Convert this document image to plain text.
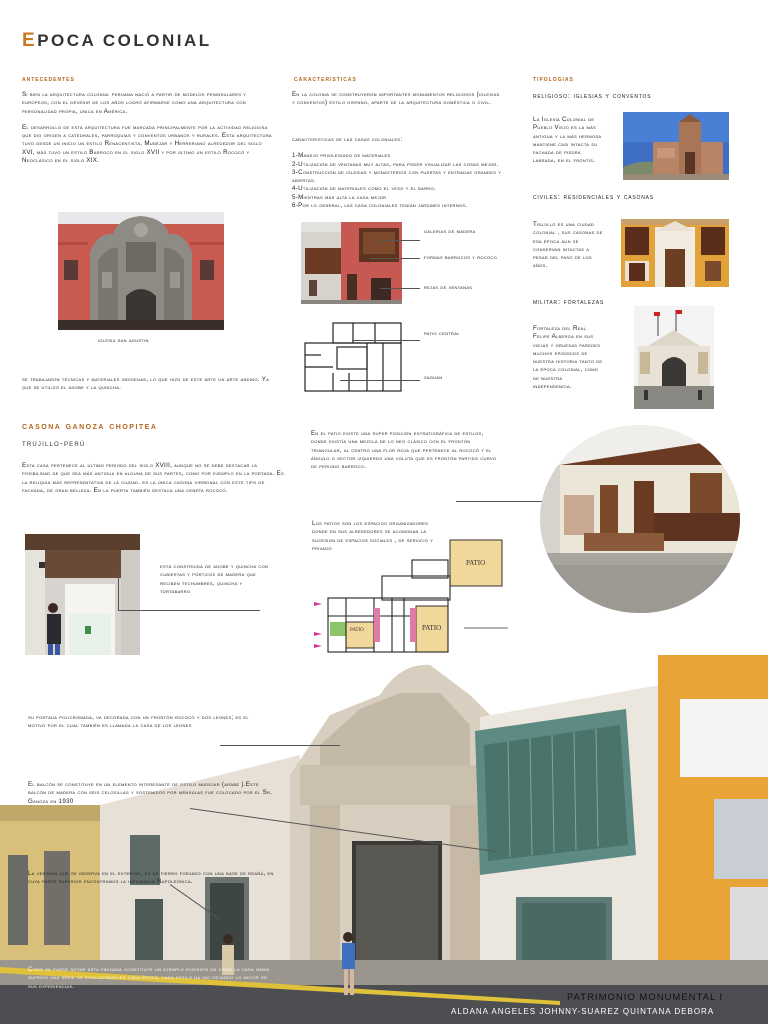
EPOCA COLONIAL
antecedentes

Si bien la arquitectura colonial peruana nació a partir de modelos peninsulares y europeos, con el devenir de los años logró afirmarse como una arquitectura con personalidad propia, única en América.

El desarrollo de esta arquitectura fue marcada principalmente por la actividad religiosa que dio origen a catedrales, parroquias y conventos urbanos y rurales. Esta arquitectura tuvo desde un inicio un estilo Renacentista, Mudéjar y Herreriano alrededor del siglo XVI, más tuvo un estilo Barroco en el siglo XVII y por último un estilo Rococó y Neoclásico en el siglo XIX.

iglesia san agustin
se trabajaron técnicas y materiales indígenas, lo que hizo de este arte un arte andino. Ya que se utilizó el adobe y la quincha.
caracteristicas
En la colonia se construyeron importantes monumentos religiosos (iglesias y conventos) estilo hispano, aparte de la arquitectura doméstica o civil.
caracteristicas de las casas coloniales:
1-Manejo privilegiado de materiales
2-Utilización de ventanas muy altas, para poder visualizar las cosas mejor.
3-Construcción de iglesias y monasterios con puertas y entradas grandes y abiertas.
4-Utilización de materiales como el yeso y el barro.
5-Mientras más alta la casa mejor
6-Por lo general, las casa coloniales tenían jardines internos.
galerias de madera
formas barrocos y rococo
rejas de ventanas
patio central
zaguan
tipologias
religioso: iglesias y conventos
La Iglesia Colonial de Pueblo Viejo es la más antigua y la más hermosa mantiene casi intacta su fachada de piedra labrada, en el frontis.
civiles: residenciales y casonas
Trujillo es una ciudad colonial , sus casonas de esa época aun se conservan intactas a pesar del paso de los años.
militar: fortalezas
Fortaleza del Real Felipe Alberga en sus viejas y gruesas paredes muchos episodios de nuestra historia tanto de la época colonial, como de nuestra independencia.
casona ganoza chopitea
trujillo-perú
Esta casa pertenece al último periodo del siglo XVIII, aunque no se debe destacar la posibilidad de que sea más antigua en alguna de sus partes, como por ejemplo en la portada. Es la reliquia más representativa de la ciudad. es la única casona virreinal con este tipo de fachada, de gran belleza. En la puerta también destaca una cenefa rococó.
En el patio existe una súper posición estratigráfica de estilos, donde existía una mezcla de lo neo clásico con el frontón triangular, al centro una flor roja que pertenece al rococó y el ángulo o sector izquierdo una voluta que es frontón partido curvo de periodo barroco.
está construida de adobe y quincha con cubiertas y pórticos de madera que reciben techumbres, quincha y tortabarro
Los patios son los espacios organizadores donde en sus alrededores se acomodan la sucesion de espacios sociales , de servicio y privado
PATIO
PATIO
PATIO
su portada policromada, va decorada con un frontón rococó y dos leones; es el motivo por el cual también es llamada la casa de los leones
El balcón se constituye en un elemento interesante de estilo mudejar (arabe ).Este balcón de madera con seis celosillas y sostenidos por ménsulas fue colocado por el Sr. Ganoza en 1930
La ventana que se observa en el exterior, es de fierro forjado con una base de reaña, en cuya parte superior encontramos la influencia Napoleónica.
Como se puede notar esta fachada constituye un ejemplo evidente de cómo la casa había sufrido una serie de evoluciones-en cada época, cada estilo ha ido dejando lo mejor de sus experiencias.
PATRIMONIO MONUMENTAL I
ALDANA ANGELES JOHNNY-SUAREZ QUINTANA DEBORA
